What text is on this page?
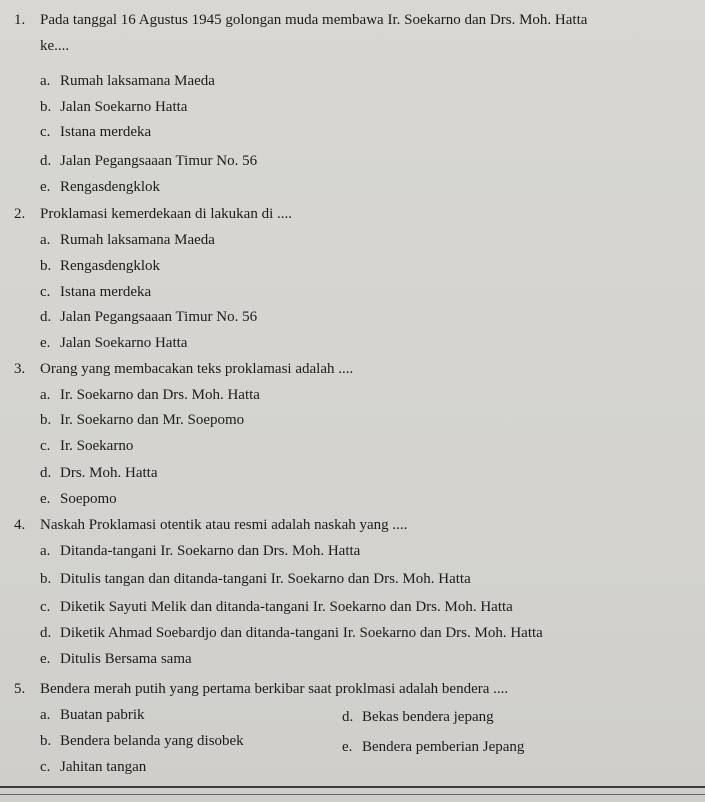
1. Pada tanggal 16 Agustus 1945 golongan muda membawa Ir. Soekarno dan Drs. Moh. Hatta
ke....
a. Rumah laksamana Maeda
b. Jalan Soekarno Hatta
c. Istana merdeka
d. Jalan Pegangsaaan Timur No. 56
e. Rengasdengklok
2. Proklamasi kemerdekaan di lakukan di ....
a. Rumah laksamana Maeda
b. Rengasdengklok
c. Istana merdeka
d. Jalan Pegangsaaan Timur No. 56
e. Jalan Soekarno Hatta
3. Orang yang membacakan teks proklamasi adalah ....
a. Ir. Soekarno dan Drs. Moh. Hatta
b. Ir. Soekarno dan Mr. Soepomo
c. Ir. Soekarno
d. Drs. Moh. Hatta
e. Soepomo
4. Naskah Proklamasi otentik atau resmi adalah naskah yang ....
a. Ditanda-tangani Ir. Soekarno dan Drs. Moh. Hatta
b. Ditulis tangan dan ditanda-tangani Ir. Soekarno dan Drs. Moh. Hatta
c. Diketik Sayuti Melik dan ditanda-tangani Ir. Soekarno dan Drs. Moh. Hatta
d. Diketik Ahmad Soebardjo dan ditanda-tangani Ir. Soekarno dan Drs. Moh. Hatta
e. Ditulis Bersama sama
5. Bendera merah putih yang pertama berkibar saat proklmasi adalah bendera ....
a. Buatan pabrik
b. Bendera belanda yang disobek
c. Jahitan tangan
d. Bekas bendera jepang
e. Bendera pemberian Jepang
